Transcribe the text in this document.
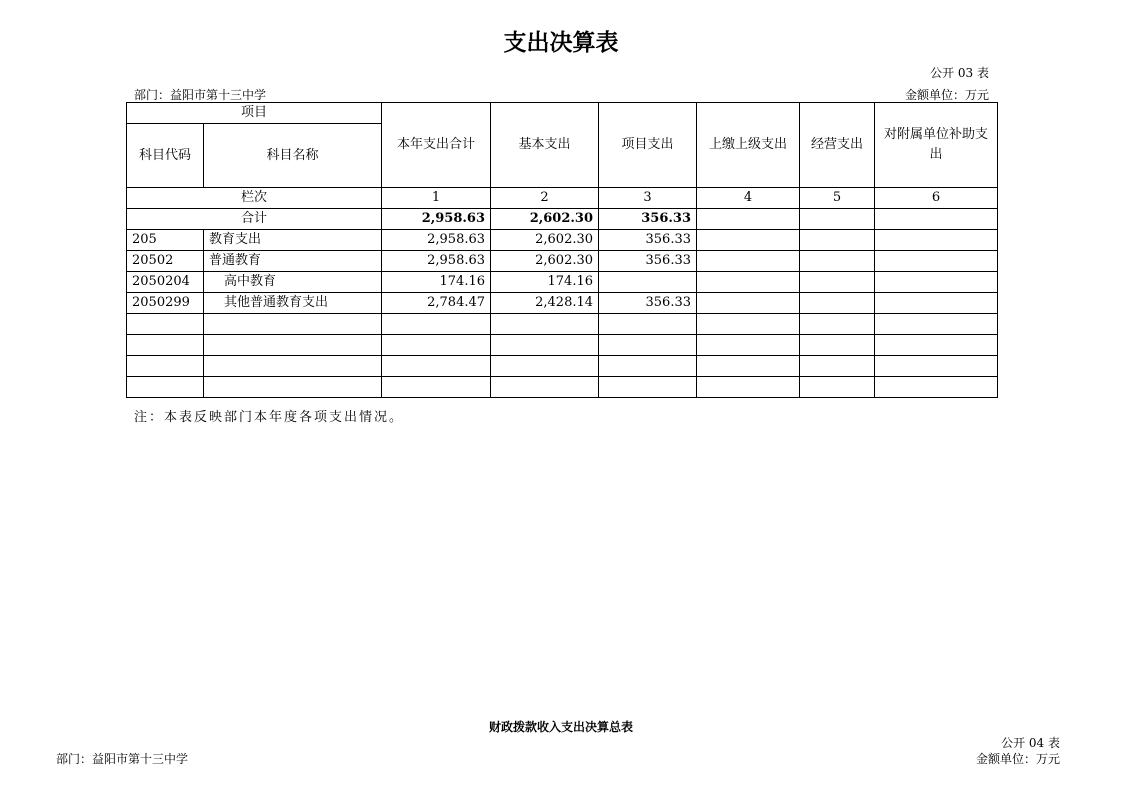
支出决算表
公开 03 表
部门：益阳市第十三中学	金额单位：万元
项目		本年支出合计	基本支出	项目支出	上缴上级支出	经营支出	对附属单位补助支出
科目代码	科目名称						
栏次		1	2	3	4	5	6
合计		2,958.63	2,602.30	356.33			
205	教育支出	2,958.63	2,602.30	356.33			
20502	普通教育	2,958.63	2,602.30	356.33			
2050204	高中教育	174.16	174.16				
2050299	其他普通教育支出	2,784.47	2,428.14	356.33			

注：本表反映部门本年度各项支出情况。
财政拨款收入支出决算总表
公开 04 表
部门：益阳市第十三中学	金额单位：万元
